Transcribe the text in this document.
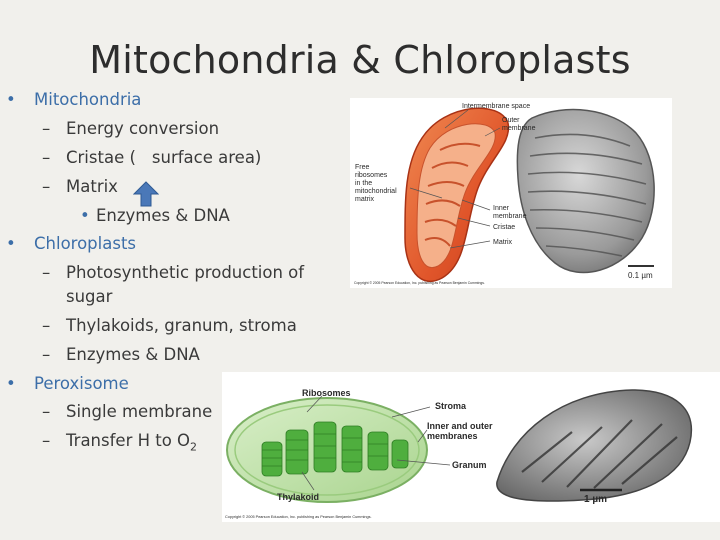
Mitochondria & Chloroplasts
• Mitochondria
– Energy conversion
– Cristae ( surface area)
– Matrix
• Enzymes & DNA
• Chloroplasts
– Photosynthetic production of
sugar
– Thylakoids, granum, stroma
– Enzymes & DNA
• Peroxisome
– Single membrane
– Transfer H to $O_2$
Intermembrane space
Outer
membrane
Free
ribosomes
in the
mitochondrial
matrix
Inner
membrane
Cristae
Matrix
0.1 µm
Copyright © 2005 Pearson Education, Inc. publishing as Pearson Benjamin Cummings.
Ribosomes
Stroma
Inner and outer
membranes
Granum
Thylakoid	1 µm
Copyright © 2005 Pearson Education, Inc. publishing as Pearson Benjamin Cummings.
